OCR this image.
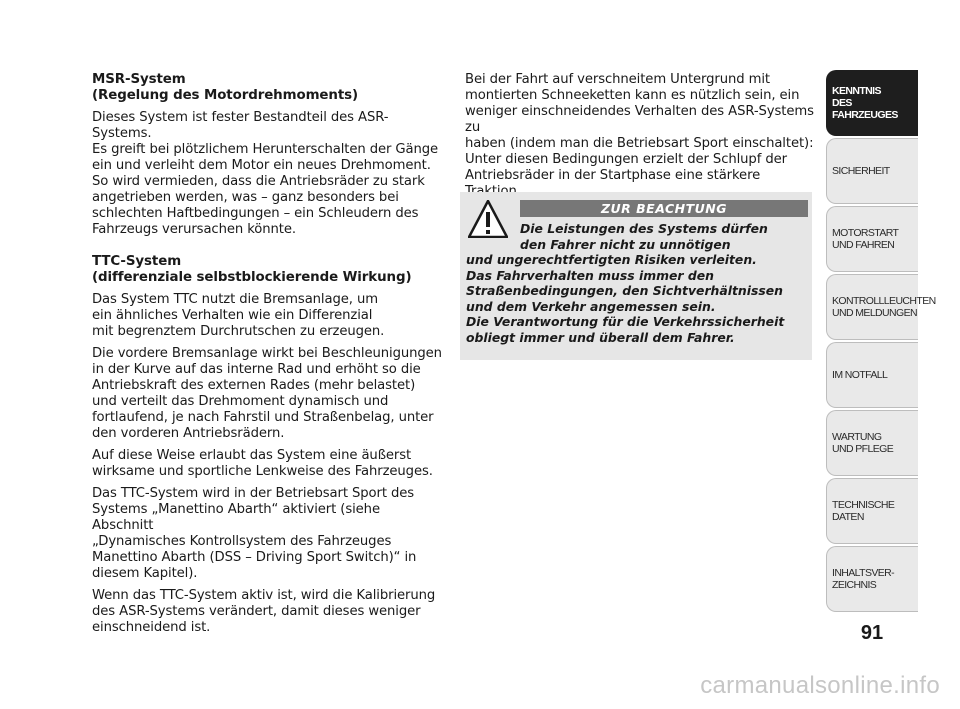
MSR-System
(Regelung des Motordrehmoments)

Dieses System ist fester Bestandteil des ASR-Systems.
Es greift bei plötzlichem Herunterschalten der Gänge
ein und verleiht dem Motor ein neues Drehmoment.
So wird vermieden, dass die Antriebsräder zu stark
angetrieben werden, was – ganz besonders bei
schlechten Haftbedingungen – ein Schleudern des
Fahrzeugs verursachen könnte.

TTC-System
(differenziale selbstblockierende Wirkung)

Das System TTC nutzt die Bremsanlage, um
ein ähnliches Verhalten wie ein Differenzial
mit begrenztem Durchrutschen zu erzeugen.

Die vordere Bremsanlage wirkt bei Beschleunigungen
in der Kurve auf das interne Rad und erhöht so die
Antriebskraft des externen Rades (mehr belastet)
und verteilt das Drehmoment dynamisch und
fortlaufend, je nach Fahrstil und Straßenbelag, unter
den vorderen Antriebsrädern.

Auf diese Weise erlaubt das System eine äußerst
wirksame und sportliche Lenkweise des Fahrzeuges.

Das TTC-System wird in der Betriebsart Sport des
Systems „Manettino Abarth“ aktiviert (siehe Abschnitt
„Dynamisches Kontrollsystem des Fahrzeuges
Manettino Abarth (DSS – Driving Sport Switch)“ in
diesem Kapitel).

Wenn das TTC-System aktiv ist, wird die Kalibrierung
des ASR-Systems verändert, damit dieses weniger
einschneidend ist.

Bei der Fahrt auf verschneitem Untergrund mit
montierten Schneeketten kann es nützlich sein, ein
weniger einschneidendes Verhalten des ASR-Systems zu
haben (indem man die Betriebsart Sport einschaltet):
Unter diesen Bedingungen erzielt der Schlupf der
Antriebsräder in der Startphase eine stärkere

ZUR BEACHTUNG
Die Leistungen des Systems dürfen
den Fahrer nicht zu unnötigen
und ungerechtfertigten Risiken verleiten.
Das Fahrverhalten muss immer den
Straßenbedingungen, den Sichtverhältnissen
und dem Verkehr angemessen sein.
Die Verantwortung für die Verkehrssicherheit
obliegt immer und überall dem Fahrer.
KENNTNIS
DES FAHRZEUGES
SICHERHEIT
MOTORSTART
UND FAHREN
KONTROLLLEUCHTEN
UND MELDUNGEN
IM NOTFALL
WARTUNG
UND PFLEGE
TECHNISCHE
DATEN
INHALTSVER-
ZEICHNIS
91
carmanualsonline.info
